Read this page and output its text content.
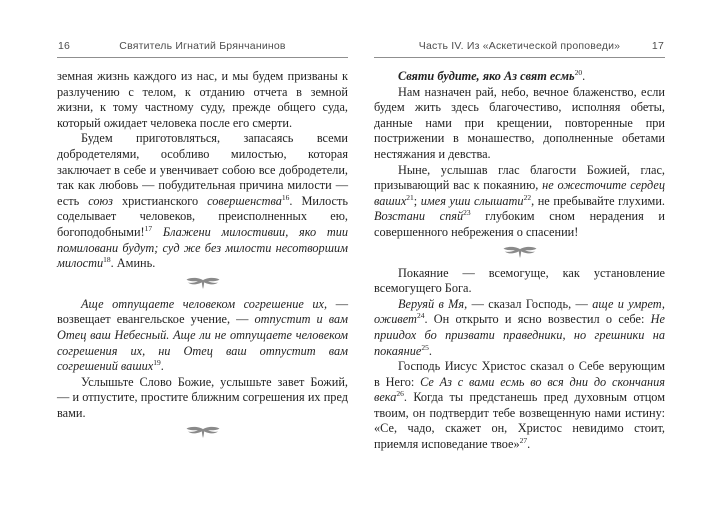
16	Святитель Игнатий Брянчанинов

земная жизнь каждого из нас, и мы будем призваны к разлучению с телом, к отданию отчета в земной жизни, к тому частному суду, прежде общего суда, который ожидает человека после его смерти.

Будем приготовляться, запасаясь всеми добродетелями, особливо милостью, которая заключает в себе и увенчивает собою все добродетели, так как любовь — побудительная причина милости — есть союз христианского совершенства$^{16}$. Милость соделывает человеков, преисполненных ею, богоподобными!$^{17}$ Блажени милостивии, яко тии помиловани будут; суд же без милости несотворшим милости$^{18}$. Аминь.

Аще отпущаете человеком согрешение их, — возвещает евангельское учение, — отпустит и вам Отец ваш Небесный. Аще ли не отпущаете человеком согрешения их, ни Отец ваш отпустит вам согрешений ваших$^{19}$.

Услышьте Слово Божие, услышьте завет Божий, — и отпустите, простите ближним согрешения их пред вами.

Часть IV. Из «Аскетической проповеди»	17

Святи будите, яко Аз свят есмь$^{20}$.

Нам назначен рай, небо, вечное блаженство, если будем жить здесь благочестиво, исполняя обеты, данные нами при крещении, повторенные при пострижении в монашество, дополненные обетами нестяжания и девства.

Ныне, услышав глас благости Божией, глас, призывающий вас к покаянию, не ожесточите сердец ваших$^{21}$; имея уши слышати$^{22}$, не пребывайте глухими. Возстани спяй$^{23}$ глубоким сном нерадения и совершенного небрежения о спасении!

Покаяние — всемогуще, как установление всемогущего Бога.

Веруяй в Мя, — сказал Господь, — аще и умрет, оживет$^{24}$. Он открыто и ясно возвестил о себе: Не приидох бо призвати праведники, но грешники на покаяние$^{25}$.

Господь Иисус Христос сказал о Себе верующим в Него: Се Аз с вами есмь во вся дни до скончания века$^{26}$. Когда ты предстанешь пред духовным отцом твоим, он подтвердит тебе возвещенную нами истину: «Се, чадо, скажет он, Христос невидимо стоит, приемля исповедание твое»$^{27}$.
